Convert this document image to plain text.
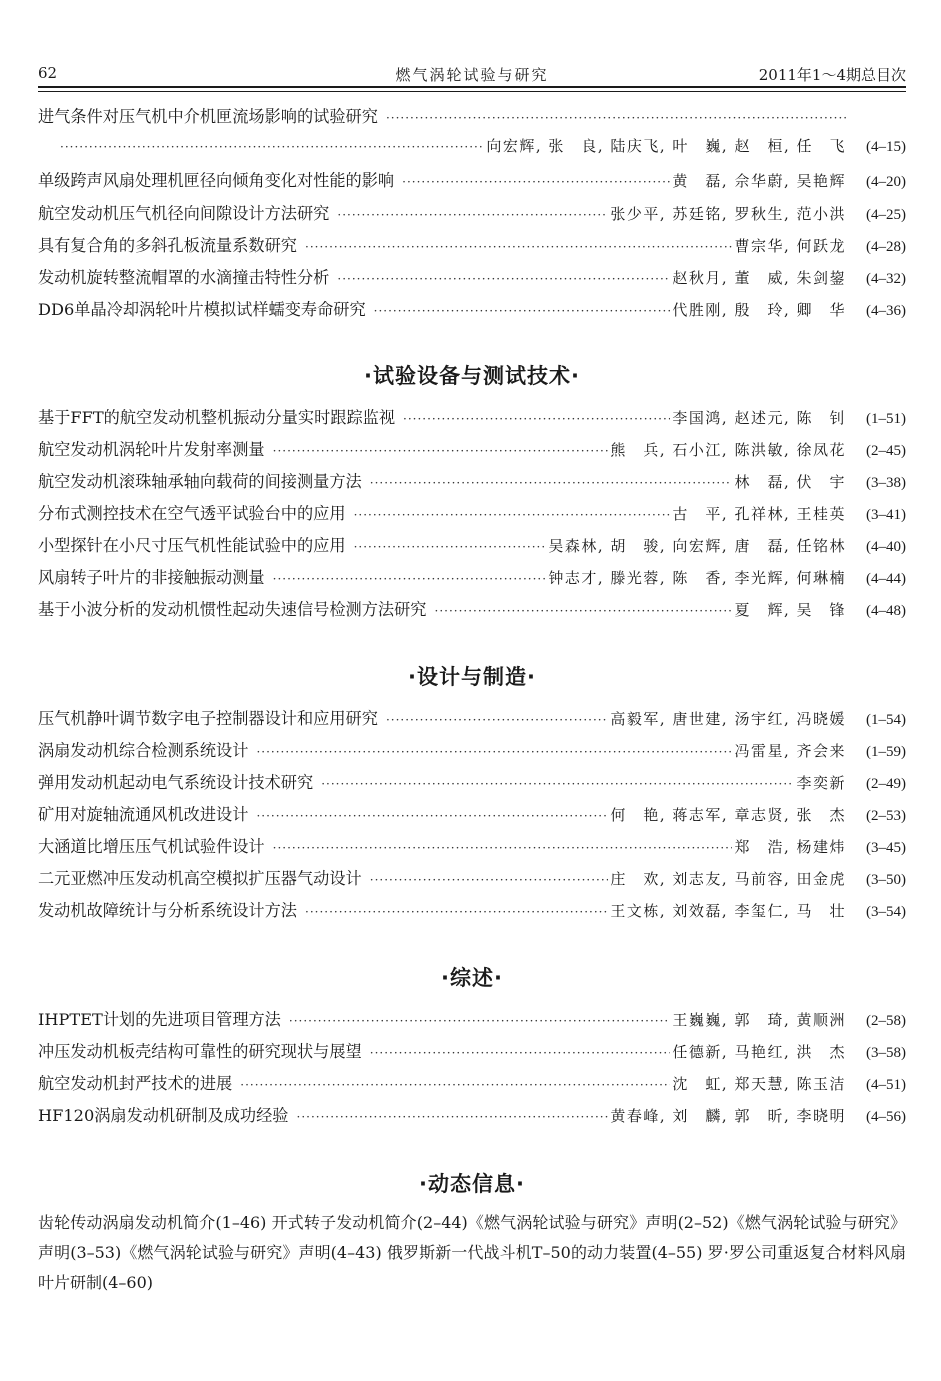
62	燃气涡轮试验与研究	2011年1～4期总目次
进气条件对压气机中介机匣流场影响的试验研究
·····
·····
向宏辉, 张　良, 陆庆飞, 叶　巍, 赵　桓, 任　飞	(4–15)
单级跨声风扇处理机匣径向倾角变化对性能的影响 ·····	黄　磊, 佘华蔚, 吴艳辉	(4–20)
航空发动机压气机径向间隙设计方法研究 ·····	张少平, 苏廷铭, 罗秋生, 范小洪	(4–25)
具有复合角的多斜孔板流量系数研究 ·····	曹宗华, 何跃龙	(4–28)
发动机旋转整流帽罩的水滴撞击特性分析 ·····	赵秋月, 董　威, 朱剑鋆	(4–32)
DD6单晶冷却涡轮叶片模拟试样蠕变寿命研究 ·····	代胜刚, 殷　玲, 卿　华	(4–36)
·试验设备与测试技术·
基于FFT的航空发动机整机振动分量实时跟踪监视 ·····	李国鸿, 赵述元, 陈　钊	(1–51)
航空发动机涡轮叶片发射率测量 ·····	熊　兵, 石小江, 陈洪敏, 徐凤花	(2–45)
航空发动机滚珠轴承轴向载荷的间接测量方法 ·····	林　磊, 伏　宇	(3–38)
分布式测控技术在空气透平试验台中的应用 ·····	古　平, 孔祥林, 王桂英	(3–41)
小型探针在小尺寸压气机性能试验中的应用 ·····	吴森林, 胡　骏, 向宏辉, 唐　磊, 任铭林	(4–40)
风扇转子叶片的非接触振动测量 ·····	钟志才, 滕光蓉, 陈　香, 李光辉, 何琳楠	(4–44)
基于小波分析的发动机惯性起动失速信号检测方法研究 ·····	夏　辉, 吴　锋	(4–48)
·设计与制造·
压气机静叶调节数字电子控制器设计和应用研究 ·····	高毅军, 唐世建, 汤宇红, 冯晓媛	(1–54)
涡扇发动机综合检测系统设计 ·····	冯雷星, 齐会来	(1–59)
弹用发动机起动电气系统设计技术研究 ·····	李奕新	(2–49)
矿用对旋轴流通风机改进设计 ·····	何　艳, 蒋志军, 章志贤, 张　杰	(2–53)
大涵道比增压压气机试验件设计 ·····	郑　浩, 杨建炜	(3–45)
二元亚燃冲压发动机高空模拟扩压器气动设计 ·····	庄　欢, 刘志友, 马前容, 田金虎	(3–50)
发动机故障统计与分析系统设计方法 ·····	王文栋, 刘效磊, 李玺仁, 马　壮	(3–54)
·综述·
IHPTET计划的先进项目管理方法 ·····	王巍巍, 郭　琦, 黄顺洲	(2–58)
冲压发动机板壳结构可靠性的研究现状与展望 ·····	任德新, 马艳红, 洪　杰	(3–58)
航空发动机封严技术的进展 ·····	沈　虹, 郑天慧, 陈玉洁	(4–51)
HF120涡扇发动机研制及成功经验 ·····	黄春峰, 刘　麟, 郭　昕, 李晓明	(4–56)
·动态信息·
齿轮传动涡扇发动机简介(1–46) 开式转子发动机简介(2–44)《燃气涡轮试验与研究》声明(2–52)《燃气涡轮试验与研究》声明(3–53)《燃气涡轮试验与研究》声明(4–43) 俄罗斯新一代战斗机T–50的动力装置(4–55) 罗·罗公司重返复合材料风扇叶片研制(4–60)
